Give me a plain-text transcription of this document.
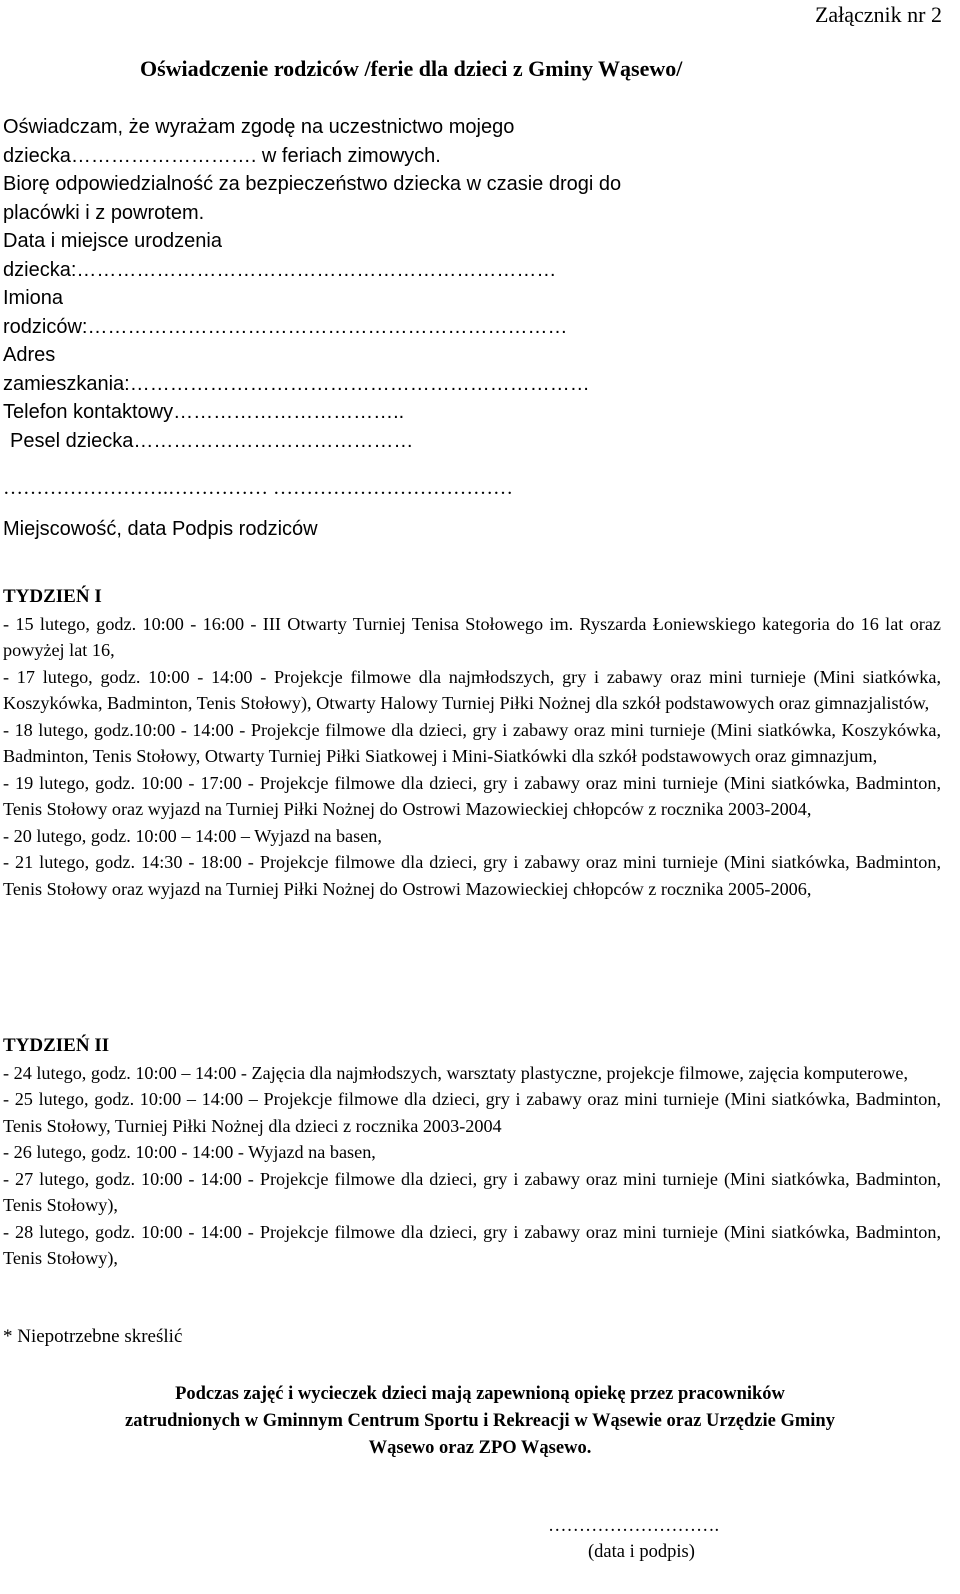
Załącznik nr 2
Oświadczenie rodziców /ferie dla dzieci z Gminy Wąsewo/
Oświadczam, że wyrażam zgodę na uczestnictwo mojego
dziecka………………………. w feriach zimowych.
Biorę odpowiedzialność za bezpieczeństwo dziecka w czasie drogi do
placówki i z powrotem.
Data i miejsce urodzenia
dziecka:………………………………………………………………
Imiona
rodziców:………………………………………………………………
Adres
zamieszkania:……………………………………………………………
Telefon kontaktowy……………………………..
Pesel dziecka……………………………………
…………………….…………… ………………………………
Miejscowość, data Podpis rodziców

TYDZIEŃ I

- 15 lutego, godz. 10:00 - 16:00 - III Otwarty Turniej Tenisa Stołowego im. Ryszarda Łoniewskiego kategoria do 16 lat oraz powyżej lat 16,

- 17 lutego, godz. 10:00 - 14:00 - Projekcje filmowe dla najmłodszych, gry i zabawy oraz mini turnieje (Mini siatkówka, Koszykówka, Badminton, Tenis Stołowy), Otwarty Halowy Turniej Piłki Nożnej dla szkół podstawowych oraz gimnazjalistów,

- 18 lutego, godz.10:00 - 14:00 - Projekcje filmowe dla dzieci, gry i zabawy oraz mini turnieje (Mini siatkówka, Koszykówka, Badminton, Tenis Stołowy, Otwarty Turniej Piłki Siatkowej i Mini-Siatkówki dla szkół podstawowych oraz gimnazjum,

- 19 lutego, godz. 10:00 - 17:00 - Projekcje filmowe dla dzieci, gry i zabawy oraz mini turnieje (Mini siatkówka, Badminton, Tenis Stołowy oraz wyjazd na Turniej Piłki Nożnej do Ostrowi Mazowieckiej chłopców z rocznika 2003-2004,

- 20 lutego, godz. 10:00 – 14:00 – Wyjazd na basen,

- 21 lutego, godz. 14:30 - 18:00 - Projekcje filmowe dla dzieci, gry i zabawy oraz mini turnieje (Mini siatkówka, Badminton, Tenis Stołowy oraz wyjazd na Turniej Piłki Nożnej do Ostrowi Mazowieckiej chłopców z rocznika 2005-2006,

TYDZIEŃ II

- 24 lutego, godz. 10:00 – 14:00 - Zajęcia dla najmłodszych, warsztaty plastyczne, projekcje filmowe, zajęcia komputerowe,

- 25 lutego, godz. 10:00 – 14:00 – Projekcje filmowe dla dzieci, gry i zabawy oraz mini turnieje (Mini siatkówka, Badminton, Tenis Stołowy, Turniej Piłki Nożnej dla dzieci z rocznika 2003-2004

- 26 lutego, godz. 10:00 - 14:00 - Wyjazd na basen,

- 27 lutego, godz. 10:00 - 14:00 - Projekcje filmowe dla dzieci, gry i zabawy oraz mini turnieje (Mini siatkówka, Badminton, Tenis Stołowy),

- 28 lutego, godz. 10:00 - 14:00 - Projekcje filmowe dla dzieci, gry i zabawy oraz mini turnieje (Mini siatkówka, Badminton, Tenis Stołowy),

* Niepotrzebne skreślić
Podczas zajęć i wycieczek dzieci mają zapewnioną opiekę przez pracowników
zatrudnionych w Gminnym Centrum Sportu i Rekreacji w Wąsewie oraz Urzędzie Gminy
Wąsewo oraz ZPO Wąsewo.
……………………….
(data i podpis)
